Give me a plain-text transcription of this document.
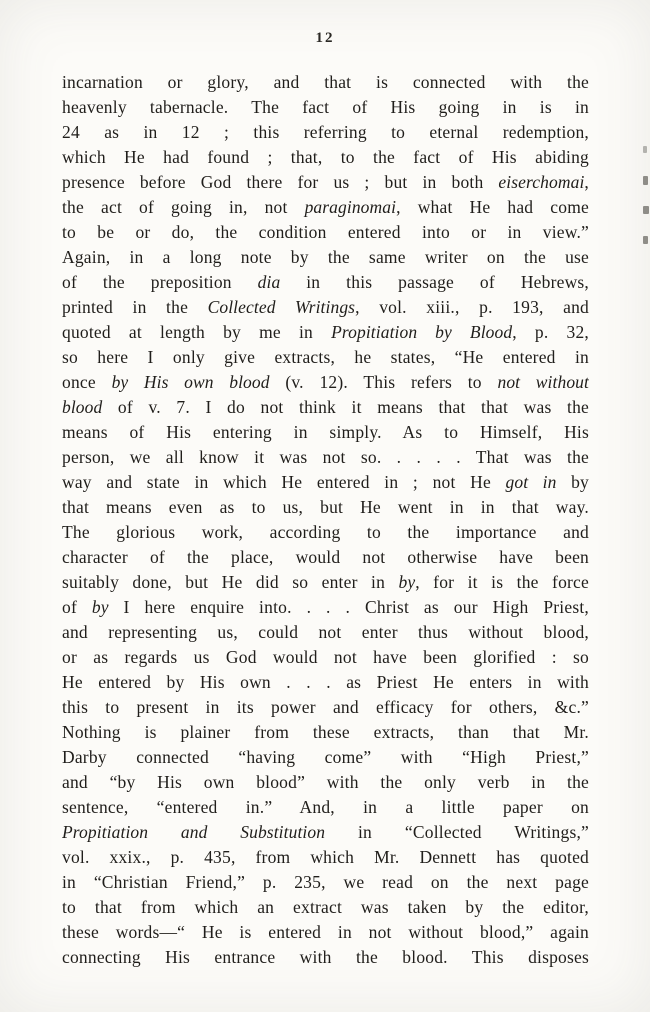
12
incarnation or glory, and that is connected with the
heavenly tabernacle. The fact of His going in is in
24 as in 12 ; this referring to eternal redemption,
which He had found ; that, to the fact of His abiding
presence before God there for us ; but in both eiserchomai,
the act of going in, not paraginomai, what He had come
to be or do, the condition entered into or in view.”
Again, in a long note by the same writer on the use
of the preposition dia in this passage of Hebrews,
printed in the Collected Writings, vol. xiii., p. 193, and
quoted at length by me in Propitiation by Blood, p. 32,
so here I only give extracts, he states, “He entered in
once by His own blood (v. 12). This refers to not without
blood of v. 7. I do not think it means that that was the
means of His entering in simply. As to Himself, His
person, we all know it was not so. . . . . That was the
way and state in which He entered in ; not He got in by
that means even as to us, but He went in in that way.
The glorious work, according to the importance and
character of the place, would not otherwise have been
suitably done, but He did so enter in by, for it is the force
of by I here enquire into. . . . Christ as our High Priest,
and representing us, could not enter thus without blood,
or as regards us God would not have been glorified : so
He entered by His own . . . as Priest He enters in with
this to present in its power and efficacy for others, &c.”
Nothing is plainer from these extracts, than that Mr.
Darby connected “having come” with “High Priest,”
and “by His own blood” with the only verb in the
sentence, “entered in.” And, in a little paper on
Propitiation and Substitution in “Collected Writings,”
vol. xxix., p. 435, from which Mr. Dennett has quoted
in “Christian Friend,” p. 235, we read on the next page
to that from which an extract was taken by the editor,
these words—“ He is entered in not without blood,” again
connecting His entrance with the blood. This disposes
